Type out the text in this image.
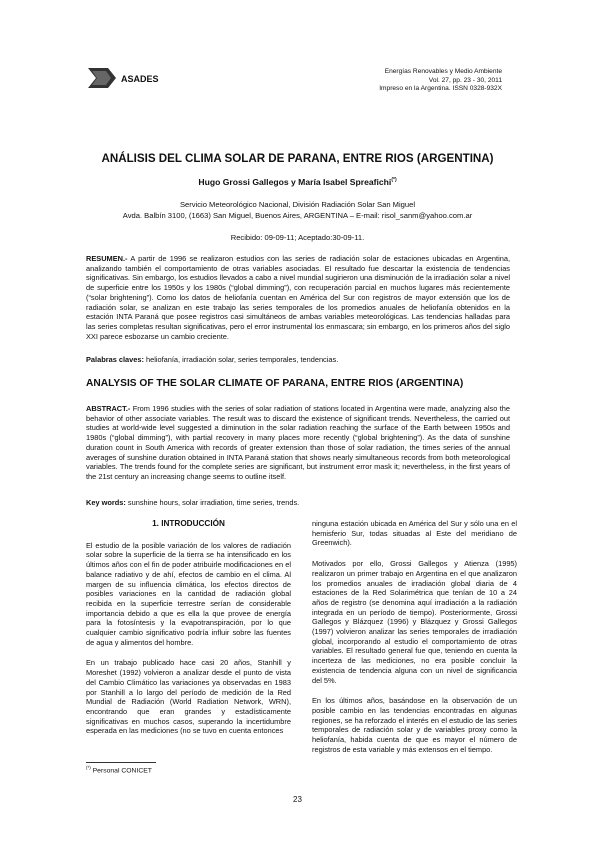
ASADES
Energías Renovables y Medio Ambiente
Vol. 27, pp. 23 - 30, 2011
Impreso en la Argentina. ISSN 0328-932X
ANÁLISIS DEL CLIMA SOLAR DE PARANA, ENTRE RIOS (ARGENTINA)
Hugo Grossi Gallegos y María Isabel Spreafichi(*)
Servicio Meteorológico Nacional, División Radiación Solar San Miguel
Avda. Balbín 3100, (1663) San Miguel, Buenos Aires, ARGENTINA – E-mail: risol_sanm@yahoo.com.ar
Recibido: 09-09-11; Aceptado:30-09-11.
RESUMEN.- A partir de 1996 se realizaron estudios con las series de radiación solar de estaciones ubicadas en Argentina, analizando también el comportamiento de otras variables asociadas. El resultado fue descartar la existencia de tendencias significativas. Sin embargo, los estudios llevados a cabo a nivel mundial sugirieron una disminución de la irradiación solar a nivel de superficie entre los 1950s y los 1980s (“global dimming”), con recuperación parcial en muchos lugares más recientemente (“solar brightening”). Como los datos de heliofanía cuentan en América del Sur con registros de mayor extensión que los de radiación solar, se analizan en este trabajo las series temporales de los promedios anuales de heliofanía obtenidos en la estación INTA Paraná que posee registros casi simultáneos de ambas variables meteorológicas. Las tendencias halladas para las series completas resultan significativas, pero el error instrumental los enmascara; sin embargo, en los primeros años del siglo XXI parece esbozarse un cambio creciente.
Palabras claves: heliofanía, irradiación solar, series temporales, tendencias.
ANALYSIS OF THE SOLAR CLIMATE OF PARANA, ENTRE RIOS (ARGENTINA)
ABSTRACT.- From 1996 studies with the series of solar radiation of stations located in Argentina were made, analyzing also the behavior of other associate variables. The result was to discard the existence of significant trends. Nevertheless, the carried out studies at world-wide level suggested a diminution in the solar radiation reaching the surface of the Earth between 1950s and 1980s (“global dimming”), with partial recovery in many places more recently (“global brightening”). As the data of sunshine duration count in South America with records of greater extension than those of solar radiation, the times series of the annual averages of sunshine duration obtained in INTA Paraná station that shows nearly simultaneous records from both meteorological variables. The trends found for the complete series are significant, but instrument error mask it; nevertheless, in the first years of the 21st century an increasing change seems to outline itself.
Key words: sunshine hours, solar irradiation, time series, trends.
1. INTRODUCCIÓN

El estudio de la posible variación de los valores de radiación solar sobre la superficie de la tierra se ha intensificado en los últimos años con el fin de poder atribuirle modificaciones en el balance radiativo y de ahí, efectos de cambio en el clima. Al margen de su influencia climática, los efectos directos de posibles variaciones en la cantidad de radiación global recibida en la superficie terrestre serían de considerable importancia debido a que es ella la que provee de energía para la fotosíntesis y la evapotranspiración, por lo que cualquier cambio significativo podría influir sobre las fuentes de agua y alimentos del hombre.

En un trabajo publicado hace casi 20 años, Stanhill y Moreshet (1992) volvieron a analizar desde el punto de vista del Cambio Climático las variaciones ya observadas en 1983 por Stanhill a lo largo del período de medición de la Red Mundial de Radiación (World Radiation Network, WRN), encontrando que eran grandes y estadísticamente significativas en muchos casos, superando la incertidumbre esperada en las mediciones (no se tuvo en cuenta entonces

ninguna estación ubicada en América del Sur y sólo una en el hemisferio Sur, todas situadas al Este del meridiano de Greenwich).

Motivados por ello, Grossi Gallegos y Atienza (1995) realizaron un primer trabajo en Argentina en el que analizaron los promedios anuales de irradiación global diaria de 4 estaciones de la Red Solarimétrica que tenían de 10 a 24 años de registro (se denomina aquí irradiación a la radiación integrada en un período de tiempo). Posteriormente, Grossi Gallegos y Blázquez (1996) y Blázquez y Grossi Gallegos (1997) volvieron analizar las series temporales de irradiación global, incorporando al estudio el comportamiento de otras variables. El resultado general fue que, teniendo en cuenta la incerteza de las mediciones, no era posible concluir la existencia de tendencia alguna con un nivel de significancia del 5%.

En los últimos años, basándose en la observación de un posible cambio en las tendencias encontradas en algunas regiones, se ha reforzado el interés en el estudio de las series temporales de radiación solar y de variables proxy como la heliofanía, habida cuenta de que es mayor el número de registros de esta variable y más extensos en el tiempo.

(*) Personal CONICET
23
